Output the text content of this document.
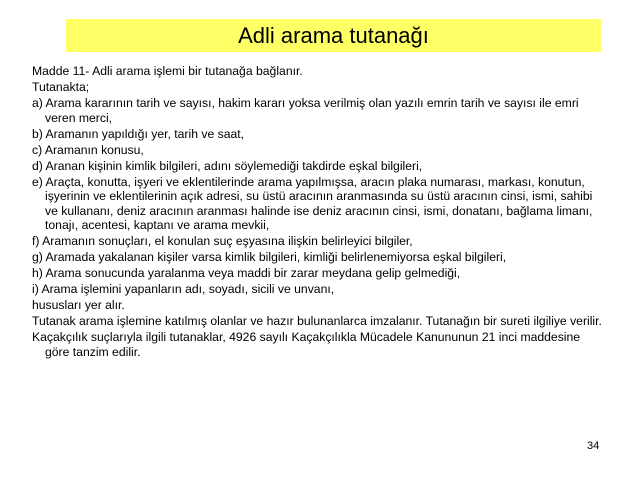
Adli arama tutanağı

Madde 11- Adli arama işlemi bir tutanağa bağlanır.

Tutanakta;

a) Arama kararının tarih ve sayısı, hakim kararı yoksa verilmiş olan yazılı emrin tarih ve sayısı ile emri veren merci,

b) Aramanın yapıldığı yer, tarih ve saat,

c) Aramanın konusu,

d) Aranan kişinin kimlik bilgileri, adını söylemediği takdirde eşkal bilgileri,

e) Araçta, konutta, işyeri ve eklentilerinde arama yapılmışsa, aracın plaka numarası, markası, konutun, işyerinin ve eklentilerinin açık adresi, su üstü aracının aranmasında su üstü aracının cinsi, ismi, sahibi ve kullananı, deniz aracının aranması halinde ise deniz aracının cinsi, ismi, donatanı, bağlama limanı, tonajı, acentesi, kaptanı ve arama mevkii,

f) Aramanın sonuçları, el konulan suç eşyasına ilişkin belirleyici bilgiler,

g) Aramada yakalanan kişiler varsa kimlik bilgileri, kimliği belirlenemiyorsa eşkal bilgileri,

h) Arama sonucunda yaralanma veya maddi bir zarar meydana gelip gelmediği,

i) Arama işlemini yapanların adı, soyadı, sicili ve unvanı,

hususları yer alır.

Tutanak arama işlemine katılmış olanlar ve hazır bulunanlarca imzalanır. Tutanağın bir sureti ilgiliye verilir.

Kaçakçılık suçlarıyla ilgili tutanaklar, 4926 sayılı Kaçakçılıkla Mücadele Kanununun 21 inci maddesine göre tanzim edilir.

34
